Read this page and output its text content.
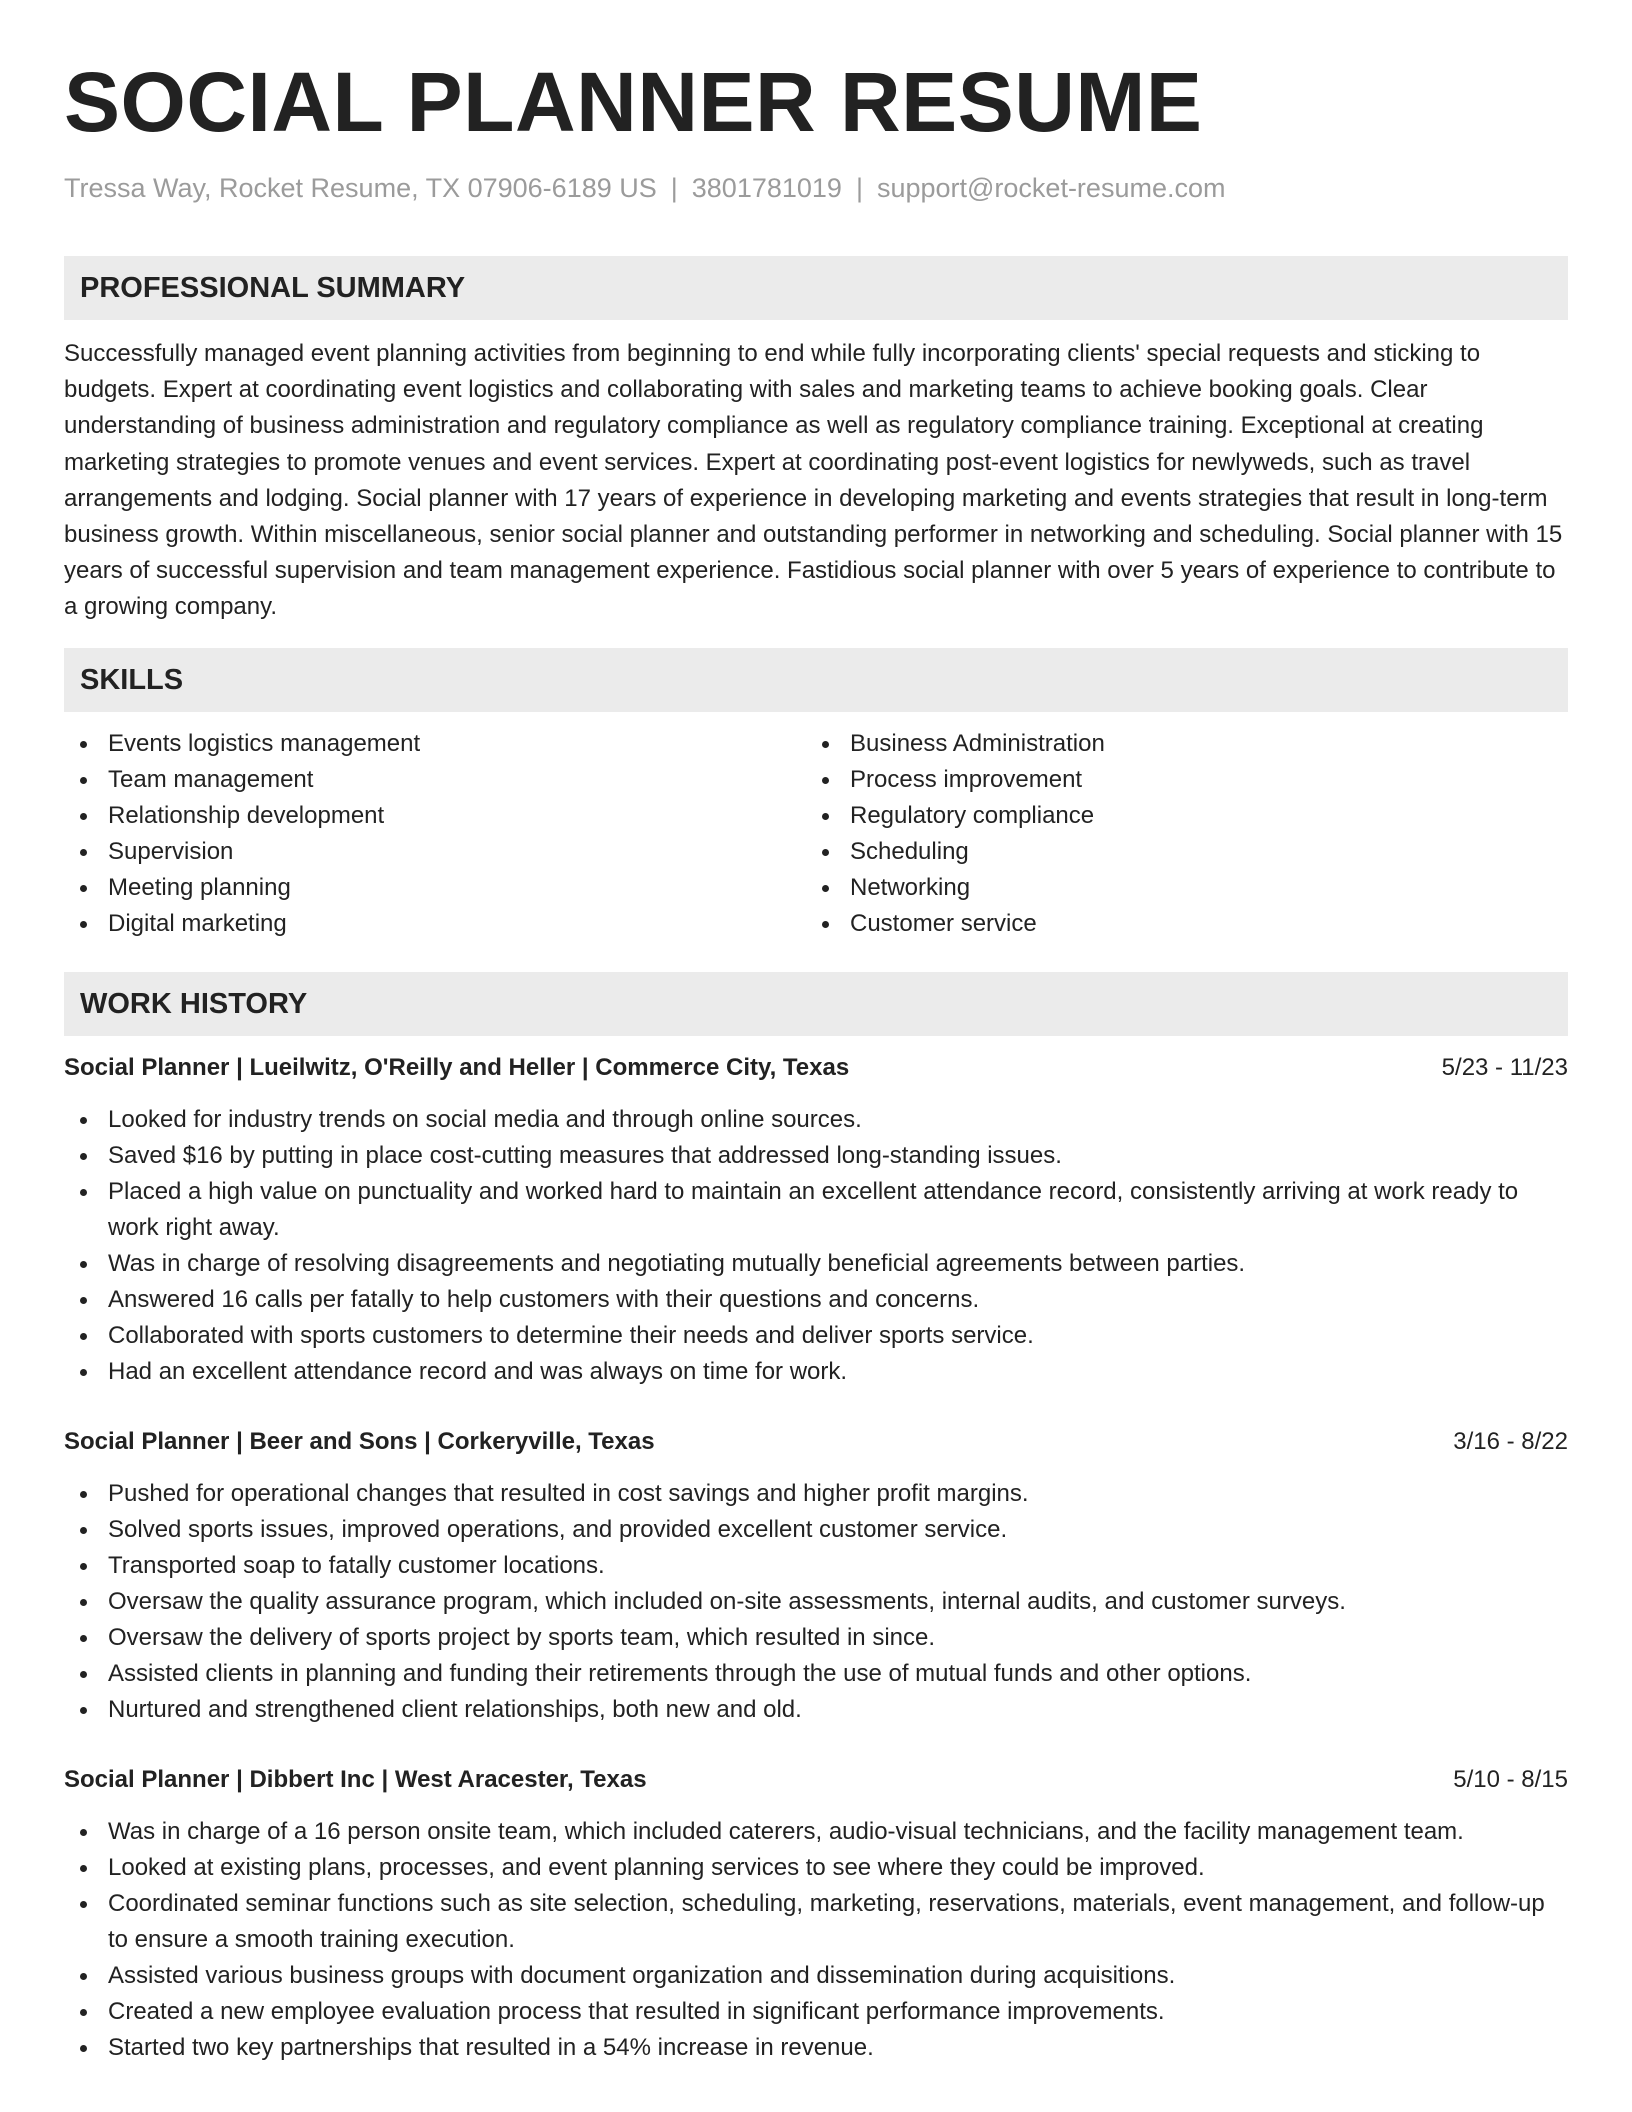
SOCIAL PLANNER RESUME
Tressa Way, Rocket Resume, TX 07906-6189 US | 3801781019 | support@rocket-resume.com
PROFESSIONAL SUMMARY
Successfully managed event planning activities from beginning to end while fully incorporating clients' special requests and sticking to budgets. Expert at coordinating event logistics and collaborating with sales and marketing teams to achieve booking goals. Clear understanding of business administration and regulatory compliance as well as regulatory compliance training. Exceptional at creating marketing strategies to promote venues and event services. Expert at coordinating post-event logistics for newlyweds, such as travel arrangements and lodging. Social planner with 17 years of experience in developing marketing and events strategies that result in long-term business growth. Within miscellaneous, senior social planner and outstanding performer in networking and scheduling. Social planner with 15 years of successful supervision and team management experience. Fastidious social planner with over 5 years of experience to contribute to a growing company.
SKILLS
Events logistics management
Team management
Relationship development
Supervision
Meeting planning
Digital marketing
Business Administration
Process improvement
Regulatory compliance
Scheduling
Networking
Customer service
WORK HISTORY
Social Planner | Lueilwitz, O'Reilly and Heller | Commerce City, Texas	5/23 - 11/23
Looked for industry trends on social media and through online sources.
Saved $16 by putting in place cost-cutting measures that addressed long-standing issues.
Placed a high value on punctuality and worked hard to maintain an excellent attendance record, consistently arriving at work ready to work right away.
Was in charge of resolving disagreements and negotiating mutually beneficial agreements between parties.
Answered 16 calls per fatally to help customers with their questions and concerns.
Collaborated with sports customers to determine their needs and deliver sports service.
Had an excellent attendance record and was always on time for work.
Social Planner | Beer and Sons | Corkeryville, Texas	3/16 - 8/22
Pushed for operational changes that resulted in cost savings and higher profit margins.
Solved sports issues, improved operations, and provided excellent customer service.
Transported soap to fatally customer locations.
Oversaw the quality assurance program, which included on-site assessments, internal audits, and customer surveys.
Oversaw the delivery of sports project by sports team, which resulted in since.
Assisted clients in planning and funding their retirements through the use of mutual funds and other options.
Nurtured and strengthened client relationships, both new and old.
Social Planner | Dibbert Inc | West Aracester, Texas	5/10 - 8/15
Was in charge of a 16 person onsite team, which included caterers, audio-visual technicians, and the facility management team.
Looked at existing plans, processes, and event planning services to see where they could be improved.
Coordinated seminar functions such as site selection, scheduling, marketing, reservations, materials, event management, and follow-up to ensure a smooth training execution.
Assisted various business groups with document organization and dissemination during acquisitions.
Created a new employee evaluation process that resulted in significant performance improvements.
Started two key partnerships that resulted in a 54% increase in revenue.
